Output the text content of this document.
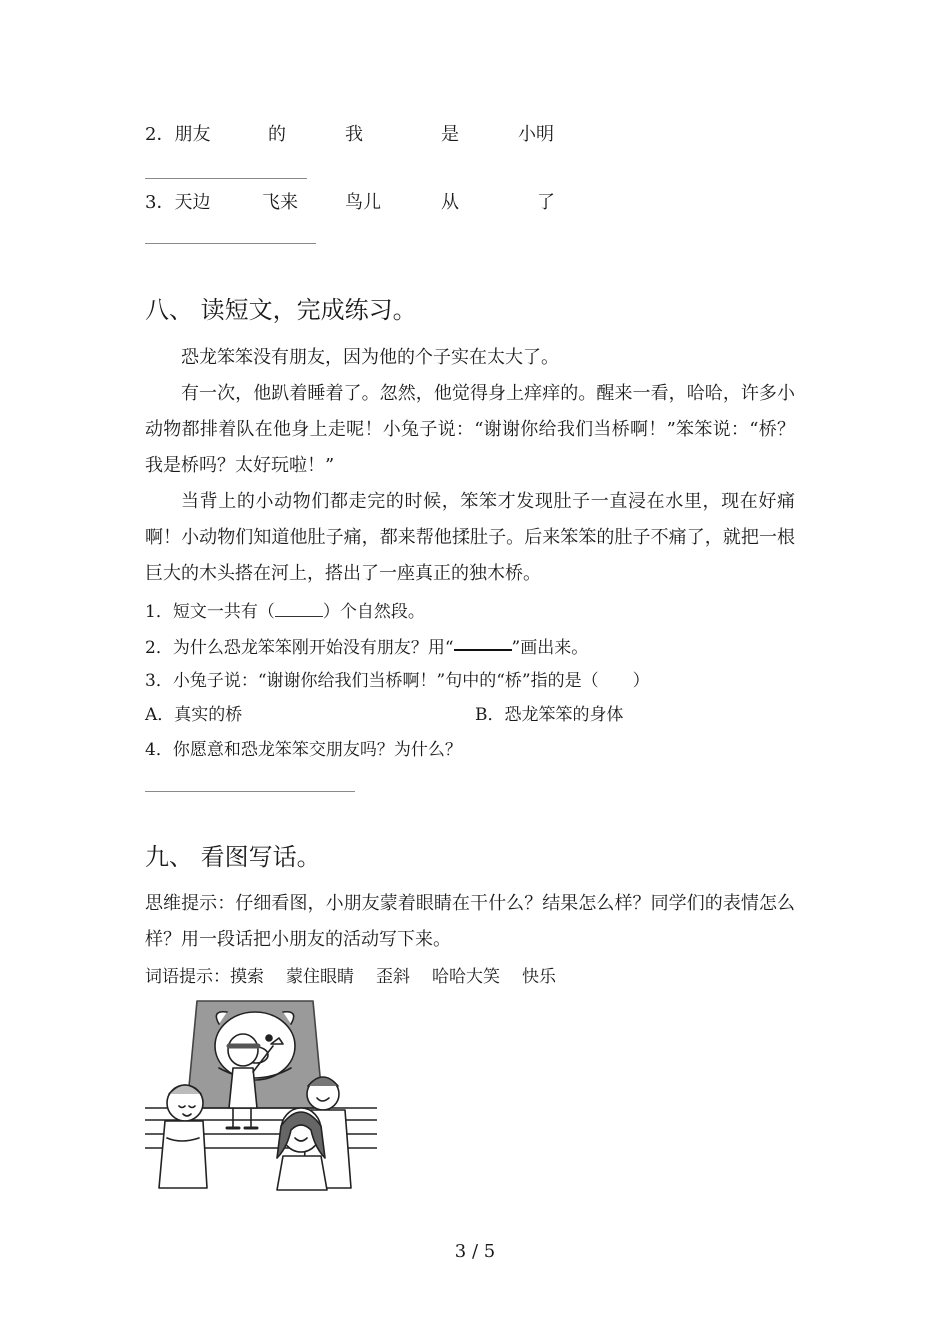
2．朋友	的	我	是	小明
3．天边	飞来	鸟儿	从	了
八、 读短文，完成练习。
恐龙笨笨没有朋友，因为他的个子实在太大了。
有一次，他趴着睡着了。忽然，他觉得身上痒痒的。醒来一看，哈哈，许多小动物都排着队在他身上走呢！小兔子说：“谢谢你给我们当桥啊！”笨笨说：“桥？我是桥吗？太好玩啦！”
当背上的小动物们都走完的时候，笨笨才发现肚子一直浸在水里，现在好痛啊！小动物们知道他肚子痛，都来帮他揉肚子。后来笨笨的肚子不痛了，就把一根巨大的木头搭在河上，搭出了一座真正的独木桥。
1．短文一共有（	）个自然段。
2．为什么恐龙笨笨刚开始没有朋友？用“	”画出来。
3．小兔子说：“谢谢你给我们当桥啊！”句中的“桥”指的是（　　）
A．真实的桥	B．恐龙笨笨的身体
4．你愿意和恐龙笨笨交朋友吗？为什么？
九、 看图写话。
思维提示：仔细看图，小朋友蒙着眼睛在干什么？结果怎么样？同学们的表情怎么样？用一段话把小朋友的活动写下来。
词语提示：摸索 蒙住眼睛 歪斜 哈哈大笑 快乐
3 / 5
